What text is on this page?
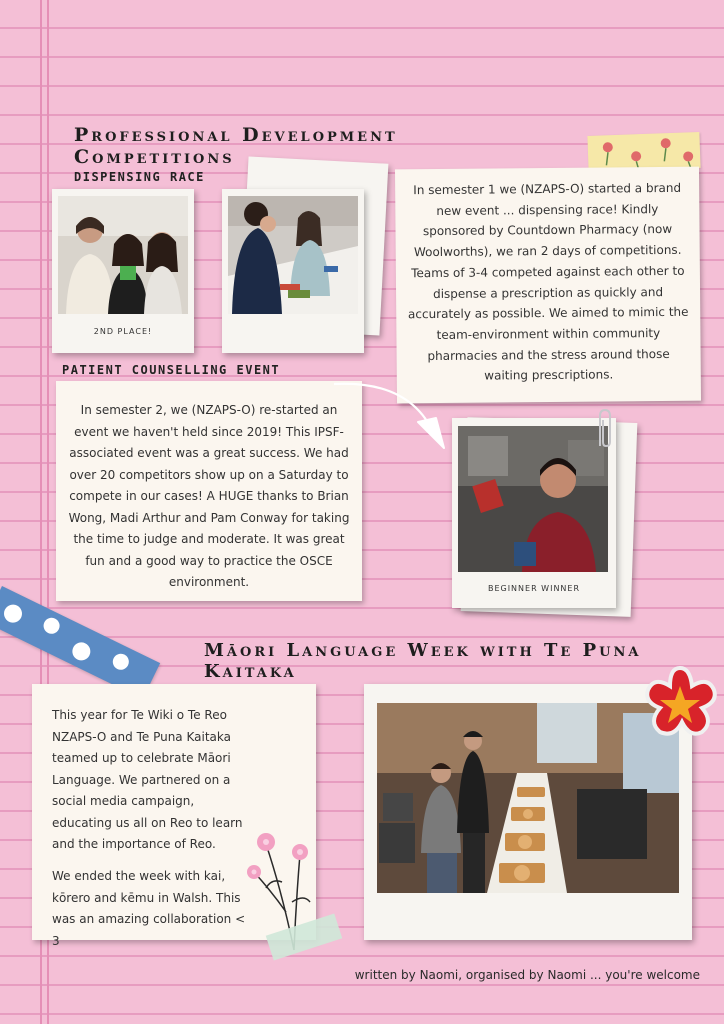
Professional Development Competitions
DISPENSING RACE
2ND PLACE!
In semester 1 we (NZAPS-O) started a brand new event ... dispensing race! Kindly sponsored by Countdown Pharmacy (now Woolworths), we ran 2 days of competitions. Teams of 3-4 competed against each other to dispense a prescription as quickly and accurately as possible. We aimed to mimic the team-environment within community pharmacies and the stress around those waiting prescriptions.
PATIENT COUNSELLING EVENT
In semester 2, we (NZAPS-O) re-started an event we haven't held since 2019! This IPSF-associated event was a great success. We had over 20 competitors show up on a Saturday to compete in our cases! A HUGE thanks to Brian Wong, Madi Arthur and Pam Conway for taking the time to judge and moderate. It was great fun and a good way to practice the OSCE environment.	BEGINNER WINNER
Māori Language Week with Te Puna Kaitaka
This year for Te Wiki o Te Reo NZAPS-O and Te Puna Kaitaka teamed up to celebrate Māori Language. We partnered on a social media campaign, educating us all on Reo to learn and the importance of Reo.
We ended the week with kai, kōrero and kēmu in Walsh. This was an amazing collaboration < 3
written by Naomi, organised by Naomi ... you're welcome
